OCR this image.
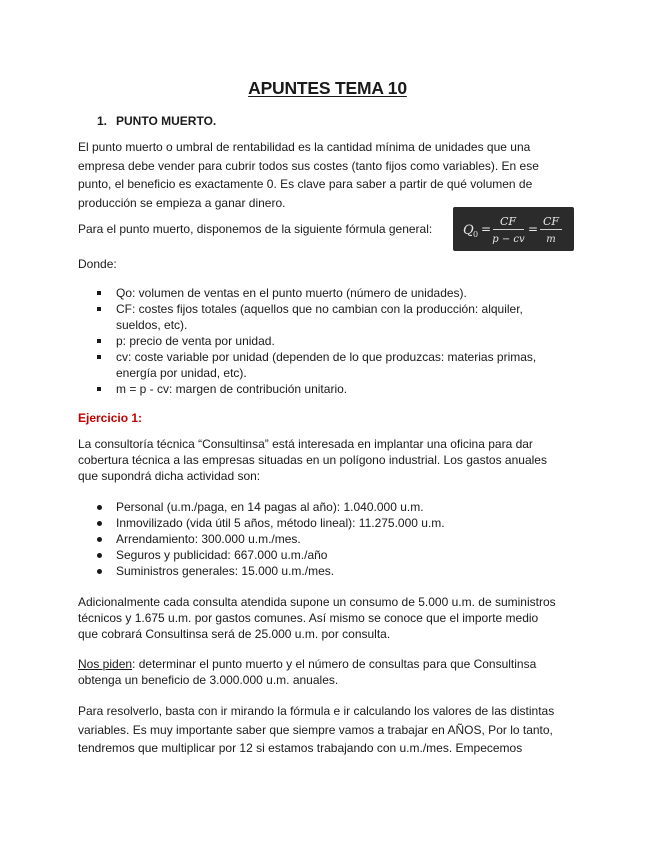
APUNTES TEMA 10
1. PUNTO MUERTO.
El punto muerto o umbral de rentabilidad es la cantidad mínima de unidades que una
empresa debe vender para cubrir todos sus costes (tanto fijos como variables). En ese
punto, el beneficio es exactamente 0. Es clave para saber a partir de qué volumen de
producción se empieza a ganar dinero.
Para el punto muerto, disponemos de la siguiente fórmula general: Q 0 =
CF
p − cv
=
CF
m
Donde:
Qo: volumen de ventas en el punto muerto (número de unidades).
CF: costes fijos totales (aquellos que no cambian con la producción: alquiler,
sueldos, etc).
p: precio de venta por unidad.
cv: coste variable por unidad (dependen de lo que produzcas: materias primas,
energía por unidad, etc).
m = p - cv: margen de contribución unitario.
Ejercicio 1:
La consultoría técnica “Consultinsa” está interesada en implantar una oficina para dar
cobertura técnica a las empresas situadas en un polígono industrial. Los gastos anuales
que supondrá dicha actividad son:
Personal (u.m./paga, en 14 pagas al año): 1.040.000 u.m.
Inmovilizado (vida útil 5 años, método lineal): 11.275.000 u.m.
Arrendamiento: 300.000 u.m./mes.
Seguros y publicidad: 667.000 u.m./año
Suministros generales: 15.000 u.m./mes.
Adicionalmente cada consulta atendida supone un consumo de 5.000 u.m. de suministros
técnicos y 1.675 u.m. por gastos comunes. Así mismo se conoce que el importe medio
que cobrará Consultinsa será de 25.000 u.m. por consulta.
Nos piden: determinar el punto muerto y el número de consultas para que Consultinsa
obtenga un beneficio de 3.000.000 u.m. anuales.
Para resolverlo, basta con ir mirando la fórmula e ir calculando los valores de las distintas
variables. Es muy importante saber que siempre vamos a trabajar en AÑOS, Por lo tanto,
tendremos que multiplicar por 12 si estamos trabajando con u.m./mes. Empecemos
